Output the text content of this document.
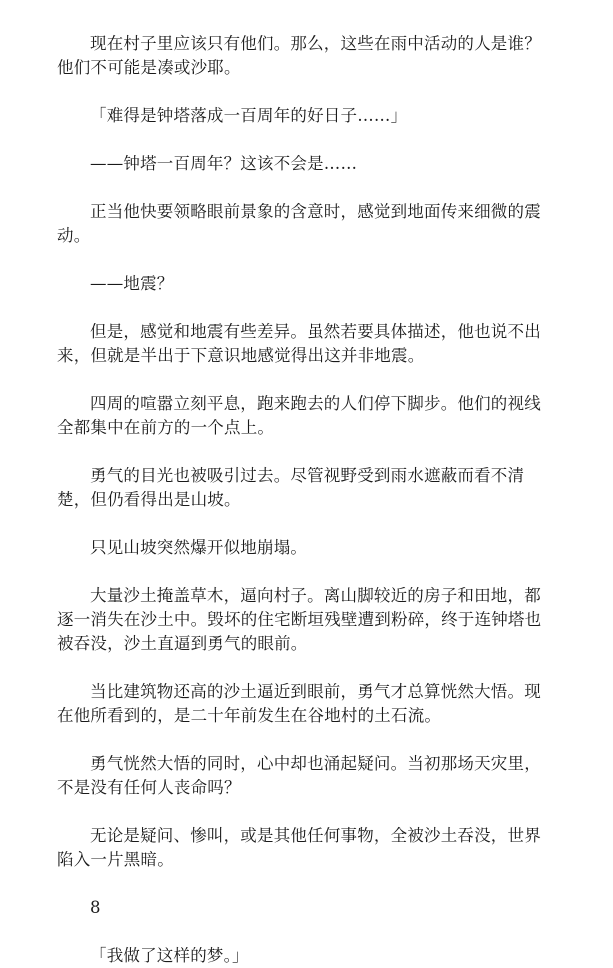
现在村子里应该只有他们。那么，这些在雨中活动的人是谁？
他们不可能是凑或沙耶。

「难得是钟塔落成一百周年的好日子……」

——钟塔一百周年？这该不会是……

正当他快要领略眼前景象的含意时，感觉到地面传来细微的震
动。

——地震？

但是，感觉和地震有些差异。虽然若要具体描述，他也说不出
来，但就是半出于下意识地感觉得出这并非地震。

四周的喧嚣立刻平息，跑来跑去的人们停下脚步。他们的视线
全都集中在前方的一个点上。

勇气的目光也被吸引过去。尽管视野受到雨水遮蔽而看不清
楚，但仍看得出是山坡。

只见山坡突然爆开似地崩塌。

大量沙土掩盖草木，逼向村子。离山脚较近的房子和田地，都
逐一消失在沙土中。毁坏的住宅断垣残壁遭到粉碎，终于连钟塔也
被吞没，沙土直逼到勇气的眼前。

当比建筑物还高的沙土逼近到眼前，勇气才总算恍然大悟。现
在他所看到的，是二十年前发生在谷地村的土石流。

勇气恍然大悟的同时，心中却也涌起疑问。当初那场天灾里，
不是没有任何人丧命吗？

无论是疑问、惨叫，或是其他任何事物，全被沙土吞没，世界
陷入一片黑暗。

8

「我做了这样的梦。」
